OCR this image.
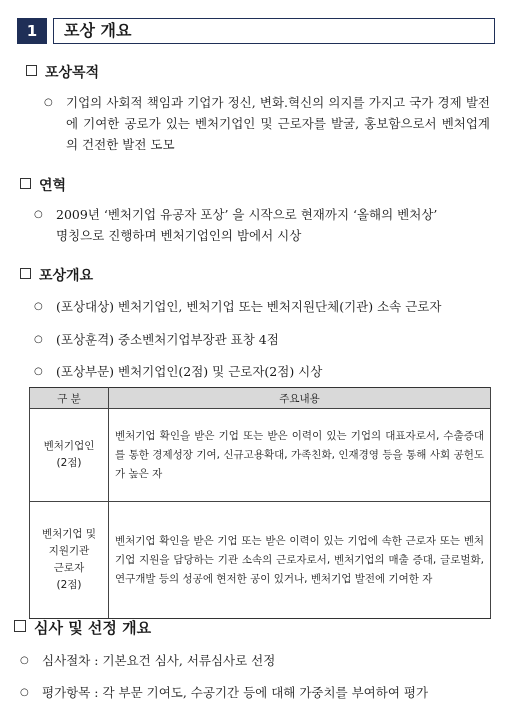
1	포상 개요
포상목적
○ 기업의 사회적 책임과 기업가 정신, 변화.혁신의 의지를 가지고 국가 경제 발전에 기여한 공로가 있는 벤처기업인 및 근로자를 발굴, 홍보함으로서 벤처업계의 건전한 발전 도모
연혁
○ 2009년 ‘벤처기업 유공자 포상’ 을 시작으로 현재까지 ‘올해의 벤처상’
명칭으로 진행하며 벤처기업인의 밤에서 시상
포상개요
○ (포상대상) 벤처기업인, 벤처기업 또는 벤처지원단체(기관) 소속 근로자
○ (포상훈격) 중소벤처기업부장관 표창 4점
○ (포상부문) 벤처기업인(2점) 및 근로자(2점) 시상
구 분	주요내용

벤처기업인
(2점)	벤처기업 확인을 받은 기업 또는 받은 이력이 있는 기업의 대표자로서, 수출증대를 통한 경제성장 기여, 신규고용확대, 가족친화, 인재경영 등을 통해 사회 공헌도가 높은 자

벤처기업 및
지원기관
근로자
(2점)	벤처기업 확인을 받은 기업 또는 받은 이력이 있는 기업에 속한 근로자 또는 벤처기업 지원을 담당하는 기관 소속의 근로자로서, 벤처기업의 매출 증대, 글로벌화, 연구개발 등의 성공에 현저한 공이 있거나, 벤처기업 발전에 기여한 자
심사 및 선정 개요
○ 심사절차 : 기본요건 심사, 서류심사로 선정
○ 평가항목 : 각 부문 기여도, 수공기간 등에 대해 가중치를 부여하여 평가
